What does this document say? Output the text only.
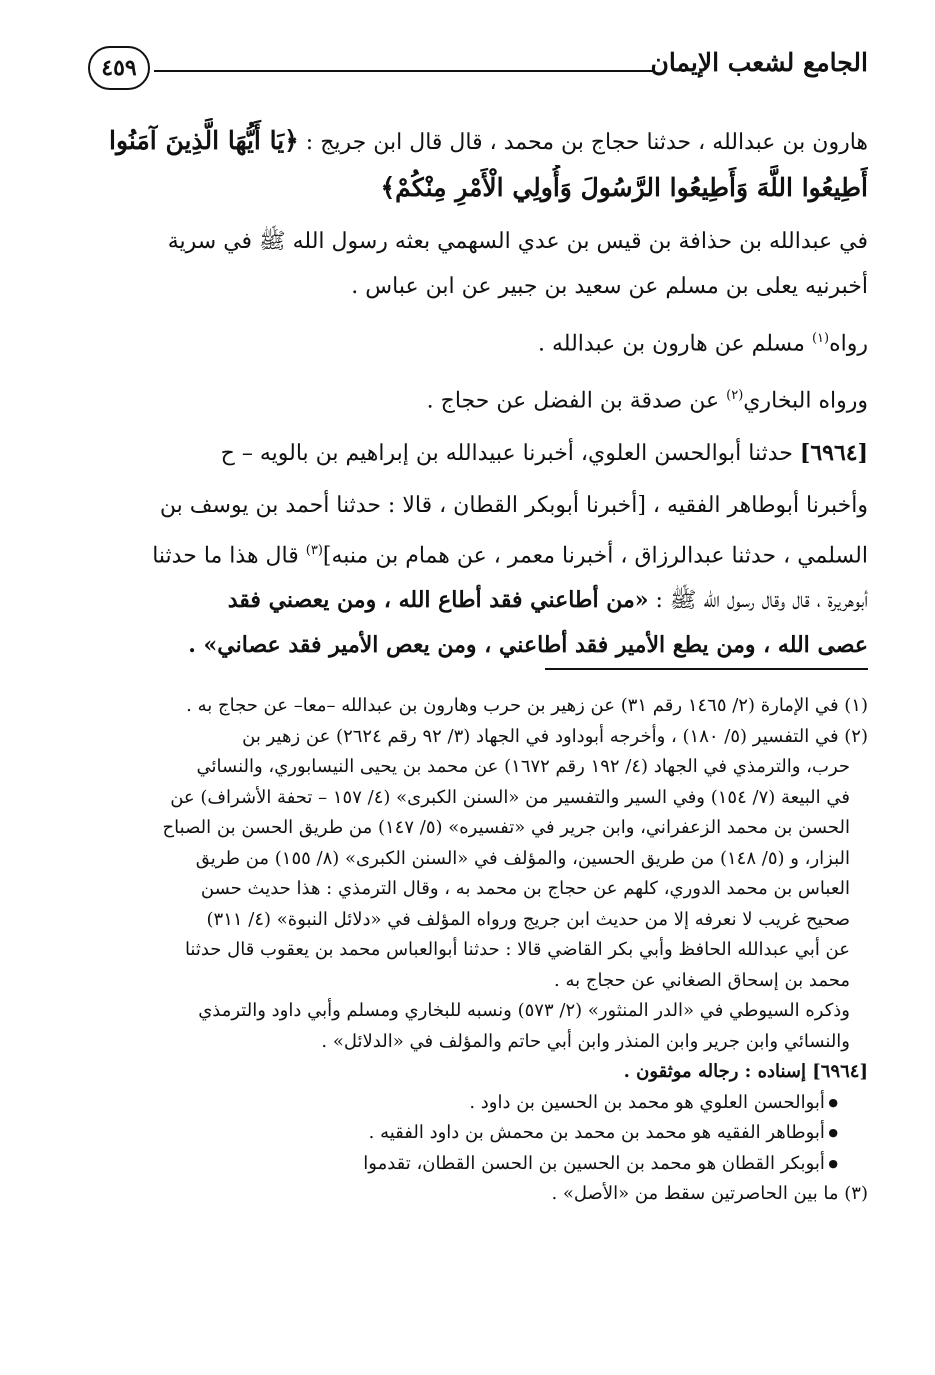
الجامع لشعب الإيمان
٤٥٩
هارون بن عبدالله ، حدثنا حجاج بن محمد ، قال قال ابن جريج : ﴿يَا أَيُّهَا الَّذِينَ آمَنُوا
أَطِيعُوا اللَّهَ وَأَطِيعُوا الرَّسُولَ وَأُولِي الْأَمْرِ مِنْكُمْ﴾
في عبدالله بن حذافة بن قيس بن عدي السهمي بعثه رسول الله ﷺ في سرية
أخبرنيه يعلى بن مسلم عن سعيد بن جبير عن ابن عباس .
رواه$^{(١)}$ مسلم عن هارون بن عبدالله .
ورواه البخاري$^{(٢)}$ عن صدقة بن الفضل عن حجاج .
[٦٩٦٤] حدثنا أبوالحسن العلوي، أخبرنا عبيدالله بن إبراهيم بن بالويه – ح
وأخبرنا أبوطاهر الفقيه ، [أخبرنا أبوبكر القطان ، قالا : حدثنا أحمد بن يوسف بن
السلمي ، حدثنا عبدالرزاق ، أخبرنا معمر ، عن همام بن منبه]$^{(٣)}$ قال هذا ما حدثنا
أبوهريرة ، قال وقال رسول الله ﷺ : «من أطاعني فقد أطاع الله ، ومن يعصني فقد
عصى الله ، ومن يطع الأمير فقد أطاعني ، ومن يعص الأمير فقد عصاني» .
(١) في الإمارة (٢/ ١٤٦٥ رقم ٣١) عن زهير بن حرب وهارون بن عبدالله –معا– عن حجاج به .
(٢) في التفسير (٥/ ١٨٠) ، وأخرجه أبوداود في الجهاد (٣/ ٩٢ رقم ٢٦٢٤) عن زهير بن
حرب، والترمذي في الجهاد (٤/ ١٩٢ رقم ١٦٧٢) عن محمد بن يحيى النيسابوري، والنسائي
في البيعة (٧/ ١٥٤) وفي السير والتفسير من «السنن الكبرى» (٤/ ١٥٧ – تحفة الأشراف) عن
الحسن بن محمد الزعفراني، وابن جرير في «تفسيره» (٥/ ١٤٧) من طريق الحسن بن الصباح
البزار، و (٥/ ١٤٨) من طريق الحسين، والمؤلف في «السنن الكبرى» (٨/ ١٥٥) من طريق
العباس بن محمد الدوري، كلهم عن حجاج بن محمد به ، وقال الترمذي : هذا حديث حسن
صحيح غريب لا نعرفه إلا من حديث ابن جريج ورواه المؤلف في «دلائل النبوة» (٤/ ٣١١)
عن أبي عبدالله الحافظ وأبي بكر القاضي قالا : حدثنا أبوالعباس محمد بن يعقوب قال حدثنا
محمد بن إسحاق الصغاني عن حجاج به .
وذكره السيوطي في «الدر المنثور» (٢/ ٥٧٣) ونسبه للبخاري ومسلم وأبي داود والترمذي
والنسائي وابن جرير وابن المنذر وابن أبي حاتم والمؤلف في «الدلائل» .
[٦٩٦٤] إسناده : رجاله موثقون .
● أبوالحسن العلوي هو محمد بن الحسين بن داود .
● أبوطاهر الفقيه هو محمد بن محمد بن محمش بن داود الفقيه .
● أبوبكر القطان هو محمد بن الحسين بن الحسن القطان، تقدموا
(٣) ما بين الحاصرتين سقط من «الأصل» .
